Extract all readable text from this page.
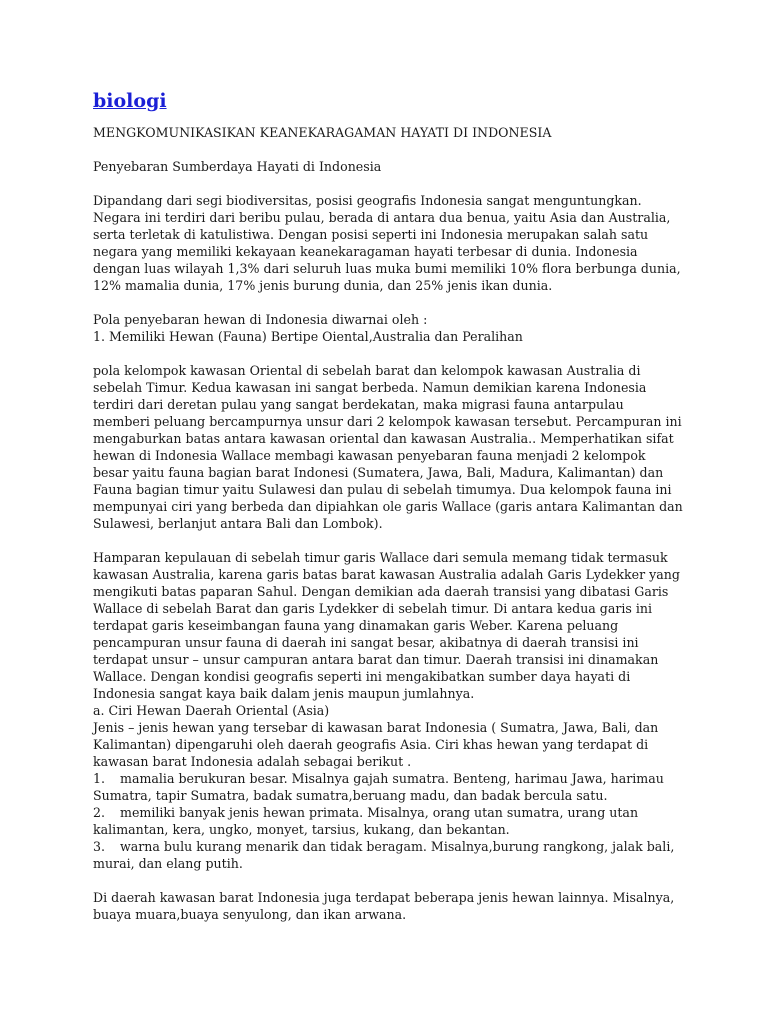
biologi

MENGKOMUNIKASIKAN KEANEKARAGAMAN HAYATI DI INDONESIA

Penyebaran Sumberdaya Hayati di Indonesia

Dipandang dari segi biodiversitas, posisi geografis Indonesia sangat menguntungkan. Negara ini terdiri dari beribu pulau, berada di antara dua benua, yaitu Asia dan Australia, serta terletak di katulistiwa. Dengan posisi seperti ini Indonesia merupakan salah satu negara yang memiliki kekayaan keanekaragaman hayati terbesar di dunia. Indonesia dengan luas wilayah 1,3% dari seluruh luas muka bumi memiliki 10% flora berbunga dunia, 12% mamalia dunia, 17% jenis burung dunia, dan 25% jenis ikan dunia.

Pola penyebaran hewan di Indonesia diwarnai oleh :

1. Memiliki Hewan (Fauna) Bertipe Oiental,Australia dan Peralihan

pola kelompok kawasan Oriental di sebelah barat dan kelompok kawasan Australia di sebelah Timur. Kedua kawasan ini sangat berbeda. Namun demikian karena Indonesia terdiri dari deretan pulau yang sangat berdekatan, maka migrasi fauna antarpulau memberi peluang bercampurnya unsur dari 2 kelompok kawasan tersebut. Percampuran ini mengaburkan batas antara kawasan oriental dan kawasan Australia.. Memperhatikan sifat hewan di Indonesia Wallace membagi kawasan penyebaran fauna menjadi 2 kelompok besar yaitu fauna bagian barat Indonesi (Sumatera, Jawa, Bali, Madura, Kalimantan) dan Fauna bagian timur yaitu Sulawesi dan pulau di sebelah timumya. Dua kelompok fauna ini mempunyai ciri yang berbeda dan dipiahkan ole garis Wallace (garis antara Kalimantan dan Sulawesi, berlanjut antara Bali dan Lombok).

Hamparan kepulauan di sebelah timur garis Wallace dari semula memang tidak termasuk kawasan Australia, karena garis batas barat kawasan Australia adalah Garis Lydekker yang mengikuti batas paparan Sahul. Dengan demikian ada daerah transisi yang dibatasi Garis Wallace di sebelah Barat dan garis Lydekker di sebelah timur. Di antara kedua garis ini terdapat garis keseimbangan fauna yang dinamakan garis Weber. Karena peluang pencampuran unsur fauna di daerah ini sangat besar, akibatnya di daerah transisi ini terdapat unsur – unsur campuran antara barat dan timur. Daerah transisi ini dinamakan Wallace. Dengan kondisi geografis seperti ini mengakibatkan sumber daya hayati di Indonesia sangat kaya baik dalam jenis maupun jumlahnya.

a. Ciri Hewan Daerah Oriental (Asia)

Jenis – jenis hewan yang tersebar di kawasan barat Indonesia ( Sumatra, Jawa, Bali, dan Kalimantan) dipengaruhi oleh daerah geografis Asia. Ciri khas hewan yang terdapat di kawasan barat Indonesia adalah sebagai berikut .

1. mamalia berukuran besar. Misalnya gajah sumatra. Benteng, harimau Jawa, harimau Sumatra, tapir Sumatra, badak sumatra,beruang madu, dan badak bercula satu.

2. memiliki banyak jenis hewan primata. Misalnya, orang utan sumatra, urang utan kalimantan, kera, ungko, monyet, tarsius, kukang, dan bekantan.

3. warna bulu kurang menarik dan tidak beragam. Misalnya,burung rangkong, jalak bali, murai, dan elang putih.

Di daerah kawasan barat Indonesia juga terdapat beberapa jenis hewan lainnya. Misalnya, buaya muara,buaya senyulong, dan ikan arwana.
